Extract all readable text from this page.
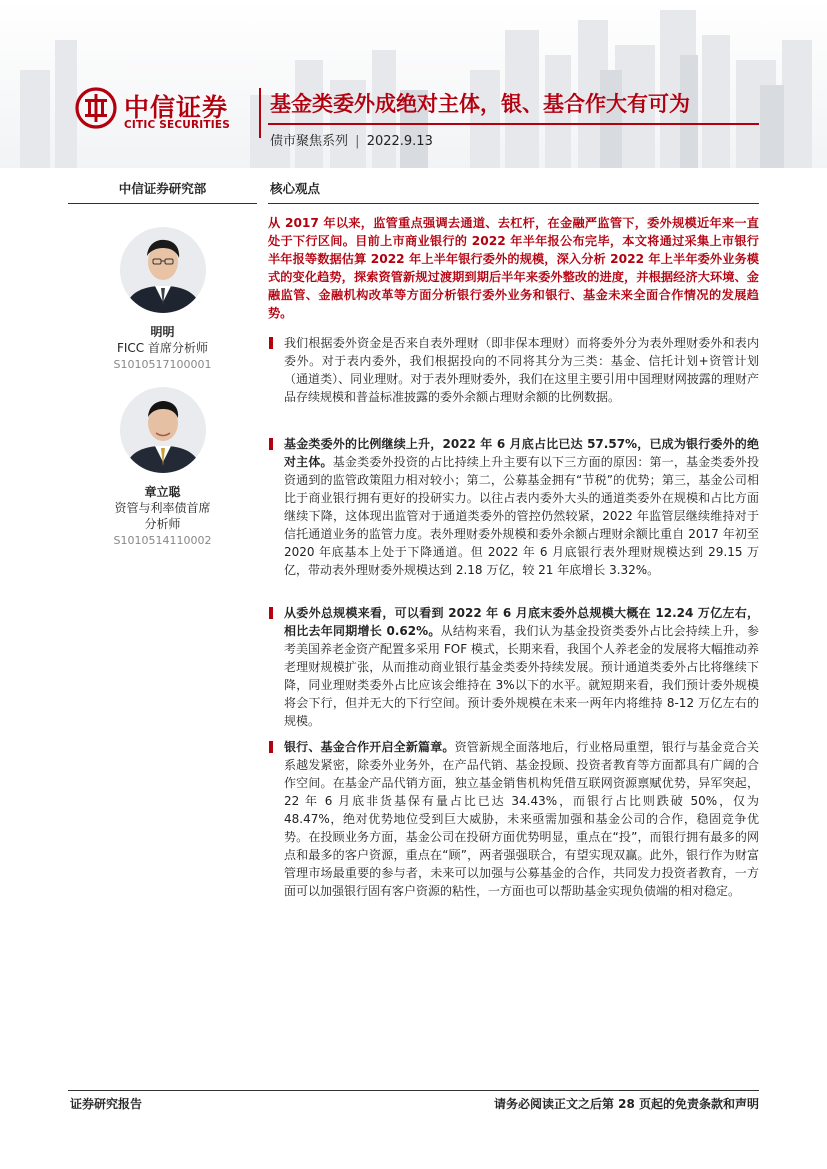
中信证券
CITIC SECURITIES
基金类委外成绝对主体，银、基合作大有可为
债市聚焦系列 | 2022.9.13
中信证券研究部	核心观点
明明
FICC 首席分析师
S1010517100001
章立聪
资管与利率债首席
分析师
S1010514110002
从 2017 年以来，监管重点强调去通道、去杠杆，在金融严监管下，委外规模近年来一直处于下行区间。目前上市商业银行的 2022 年半年报公布完毕，本文将通过采集上市银行半年报等数据估算 2022 年上半年银行委外的规模，深入分析 2022 年上半年委外业务模式的变化趋势，探索资管新规过渡期到期后半年来委外整改的进度，并根据经济大环境、金融监管、金融机构改革等方面分析银行委外业务和银行、基金未来全面合作情况的发展趋势。
我们根据委外资金是否来自表外理财（即非保本理财）而将委外分为表外理财委外和表内委外。对于表内委外，我们根据投向的不同将其分为三类：基金、信托计划+资管计划（通道类）、同业理财。对于表外理财委外，我们在这里主要引用中国理财网披露的理财产品存续规模和普益标准披露的委外余额占理财余额的比例数据。
基金类委外的比例继续上升，2022 年 6 月底占比已达 57.57%，已成为银行委外的绝对主体。基金类委外投资的占比持续上升主要有以下三方面的原因：第一，基金类委外投资通到的监管政策阻力相对较小；第二，公募基金拥有“节税”的优势；第三，基金公司相比于商业银行拥有更好的投研实力。以往占表内委外大头的通道类委外在规模和占比方面继续下降，这体现出监管对于通道类委外的管控仍然较紧，2022 年监管层继续维持对于信托通道业务的监管力度。表外理财委外规模和委外余额占理财余额比重自 2017 年初至 2020 年底基本上处于下降通道。但 2022 年 6 月底银行表外理财规模达到 29.15 万亿，带动表外理财委外规模达到 2.18 万亿，较 21 年底增长 3.32%。
从委外总规模来看，可以看到 2022 年 6 月底末委外总规模大概在 12.24 万亿左右，相比去年同期增长 0.62%。从结构来看，我们认为基金投资类委外占比会持续上升，参考美国养老金资产配置多采用 FOF 模式，长期来看，我国个人养老金的发展将大幅推动养老理财规模扩张，从而推动商业银行基金类委外持续发展。预计通道类委外占比将继续下降，同业理财类委外占比应该会维持在 3%以下的水平。就短期来看，我们预计委外规模将会下行，但并无大的下行空间。预计委外规模在未来一两年内将维持 8-12 万亿左右的规模。
银行、基金合作开启全新篇章。资管新规全面落地后，行业格局重塑，银行与基金竞合关系越发紧密，除委外业务外，在产品代销、基金投顾、投资者教育等方面都具有广阔的合作空间。在基金产品代销方面，独立基金销售机构凭借互联网资源禀赋优势，异军突起，22 年 6 月底非货基保有量占比已达 34.43%，而银行占比则跌破 50%，仅为 48.47%，绝对优势地位受到巨大威胁，未来亟需加强和基金公司的合作，稳固竞争优势。在投顾业务方面，基金公司在投研方面优势明显，重点在“投”，而银行拥有最多的网点和最多的客户资源，重点在“顾”，两者强强联合，有望实现双赢。此外，银行作为财富管理市场最重要的参与者，未来可以加强与公募基金的合作，共同发力投资者教育，一方面可以加强银行固有客户资源的粘性，一方面也可以帮助基金实现负债端的相对稳定。
证券研究报告	请务必阅读正文之后第 28 页起的免责条款和声明
